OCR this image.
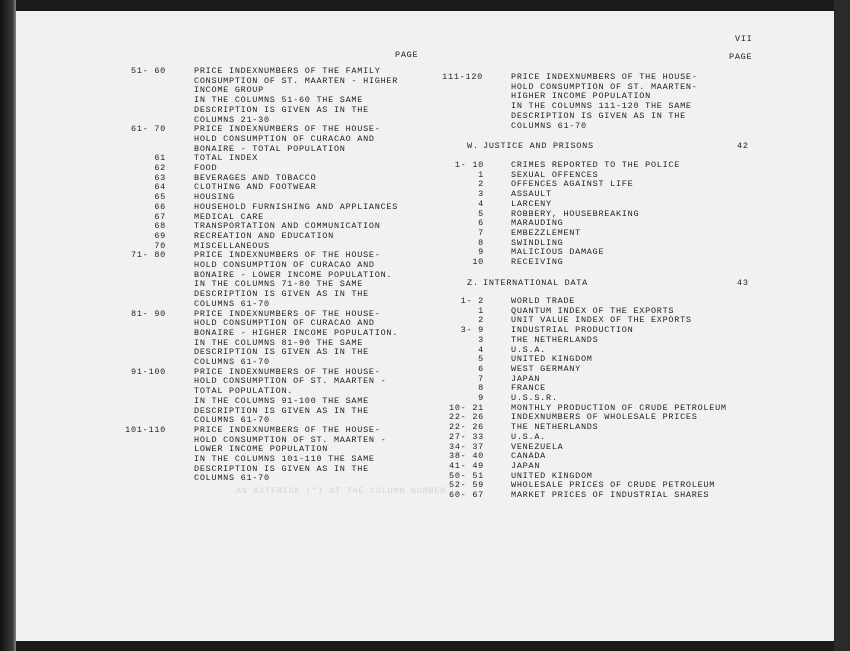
VII
PAGE	PAGE
AN ASTERISK (*) AT THE COLUMN NUMBER
51- 60	PRICE INDEXNUMBERS OF THE FAMILY
CONSUMPTION OF ST. MAARTEN - HIGHER
INCOME GROUP
IN THE COLUMNS 51-60 THE SAME
DESCRIPTION IS GIVEN AS IN THE
COLUMNS 21-30
61- 70	PRICE INDEXNUMBERS OF THE HOUSE-
HOLD CONSUMPTION OF CURACAO AND
BONAIRE - TOTAL POPULATION
61	TOTAL INDEX
62	FOOD
63	BEVERAGES AND TOBACCO
64	CLOTHING AND FOOTWEAR
65	HOUSING
66	HOUSEHOLD FURNISHING AND APPLIANCES
67	MEDICAL CARE
68	TRANSPORTATION AND COMMUNICATION
69	RECREATION AND EDUCATION
70	MISCELLANEOUS
71- 80	PRICE INDEXNUMBERS OF THE HOUSE-
HOLD CONSUMPTION OF CURACAO AND
BONAIRE - LOWER INCOME POPULATION.
IN THE COLUMNS 71-80 THE SAME
DESCRIPTION IS GIVEN AS IN THE
COLUMNS 61-70
81- 90	PRICE INDEXNUMBERS OF THE HOUSE-
HOLD CONSUMPTION OF CURACAO AND
BONAIRE - HIGHER INCOME POPULATION.
IN THE COLUMNS 81-90 THE SAME
DESCRIPTION IS GIVEN AS IN THE
COLUMNS 61-70
91-100	PRICE INDEXNUMBERS OF THE HOUSE-
HOLD CONSUMPTION OF ST. MAARTEN -
TOTAL POPULATION.
IN THE COLUMNS 91-100 THE SAME
DESCRIPTION IS GIVEN AS IN THE
COLUMNS 61-70
101-110	PRICE INDEXNUMBERS OF THE HOUSE-
HOLD CONSUMPTION OF ST. MAARTEN -
LOWER INCOME POPULATION
IN THE COLUMNS 101-110 THE SAME
DESCRIPTION IS GIVEN AS IN THE
COLUMNS 61-70
111-120	PRICE INDEXNUMBERS OF THE HOUSE-
HOLD CONSUMPTION OF ST. MAARTEN-
HIGHER INCOME POPULATION
IN THE COLUMNS 111-120 THE SAME
DESCRIPTION IS GIVEN AS IN THE
COLUMNS 61-70
W. JUSTICE AND PRISONS	42
1- 10	CRIMES REPORTED TO THE POLICE
1	SEXUAL OFFENCES
2	OFFENCES AGAINST LIFE
3	ASSAULT
4	LARCENY
5	ROBBERY, HOUSEBREAKING
6	MARAUDING
7	EMBEZZLEMENT
8	SWINDLING
9	MALICIOUS DAMAGE
10	RECEIVING
Z. INTERNATIONAL DATA	43
1- 2	WORLD TRADE
1	QUANTUM INDEX OF THE EXPORTS
2	UNIT VALUE INDEX OF THE EXPORTS
3- 9	INDUSTRIAL PRODUCTION
3	THE NETHERLANDS
4	U.S.A.
5	UNITED KINGDOM
6	WEST GERMANY
7	JAPAN
8	FRANCE
9	U.S.S.R.
10- 21	MONTHLY PRODUCTION OF CRUDE PETROLEUM
22- 26	INDEXNUMBERS OF WHOLESALE PRICES
22- 26	THE NETHERLANDS
27- 33	U.S.A.
34- 37	VENEZUELA
38- 40	CANADA
41- 49	JAPAN
50- 51	UNITED KINGDOM
52- 59	WHOLESALE PRICES OF CRUDE PETROLEUM
60- 67	MARKET PRICES OF INDUSTRIAL SHARES
